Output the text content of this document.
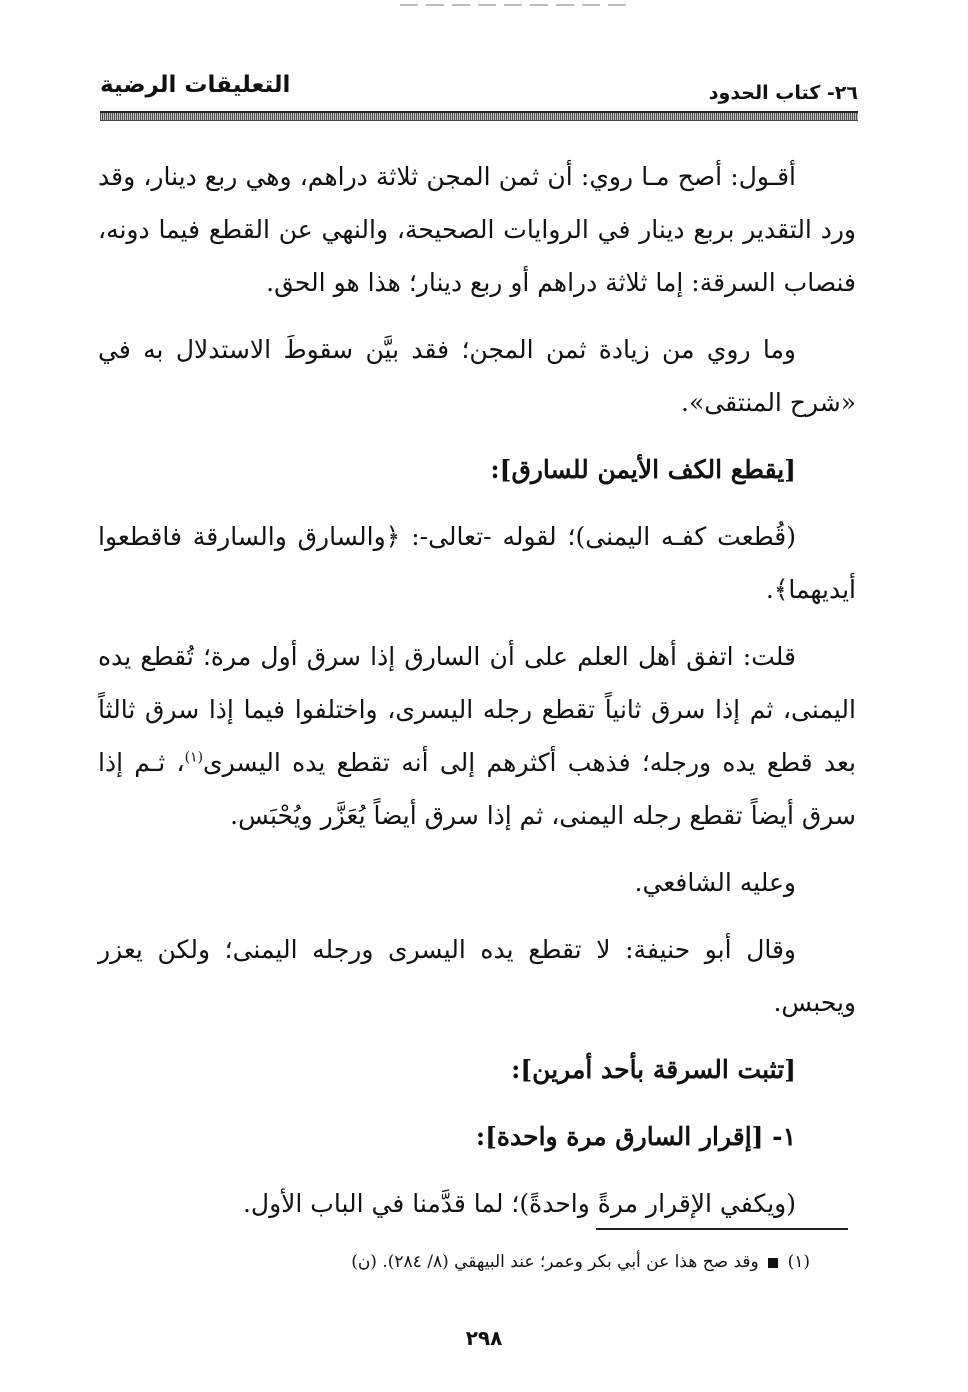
٢٦- كتاب الحدود
التعليقات الرضية

أقـول: أصح مـا روي: أن ثمن المجن ثلاثة دراهم، وهي ربع دينار، وقد ورد التقدير بربع دينار في الروايات الصحيحة، والنهي عن القطع فيما دونه، فنصاب السرقة: إما ثلاثة دراهم أو ربع دينار؛ هذا هو الحق.

وما روي من زيادة ثمن المجن؛ فقد بيَّن سقوطَ الاستدلال به في «شرح المنتقى».

[يقطع الكف الأيمن للسارق]:

(قُطعت كفـه اليمنى)؛ لقوله -تعالى-: ﴿والسارق والسارقة فاقطعوا أيديهما﴾.

قلت: اتفق أهل العلم على أن السارق إذا سرق أول مرة؛ تُقطع يده اليمنى، ثم إذا سرق ثانياً تقطع رجله اليسرى، واختلفوا فيما إذا سرق ثالثاً بعد قطع يده ورجله؛ فذهب أكثرهم إلى أنه تقطع يده اليسرى$^{(١)}$، ثـم إذا سرق أيضاً تقطع رجله اليمنى، ثم إذا سرق أيضاً يُعَزَّر ويُحْبَس.

وعليه الشافعي.

وقال أبو حنيفة: لا تقطع يده اليسرى ورجله اليمنى؛ ولكن يعزر ويحبس.

[تثبت السرقة بأحد أمرين]:

١- [إقرار السارق مرة واحدة]:

(ويكفي الإقرار مرةً واحدةً)؛ لما قدَّمنا في الباب الأول.

(١)  وقد صح هذا عن أبي بكر وعمر؛ عند البيهقي (٨/ ٢٨٤). (ن)
٢٩٨
